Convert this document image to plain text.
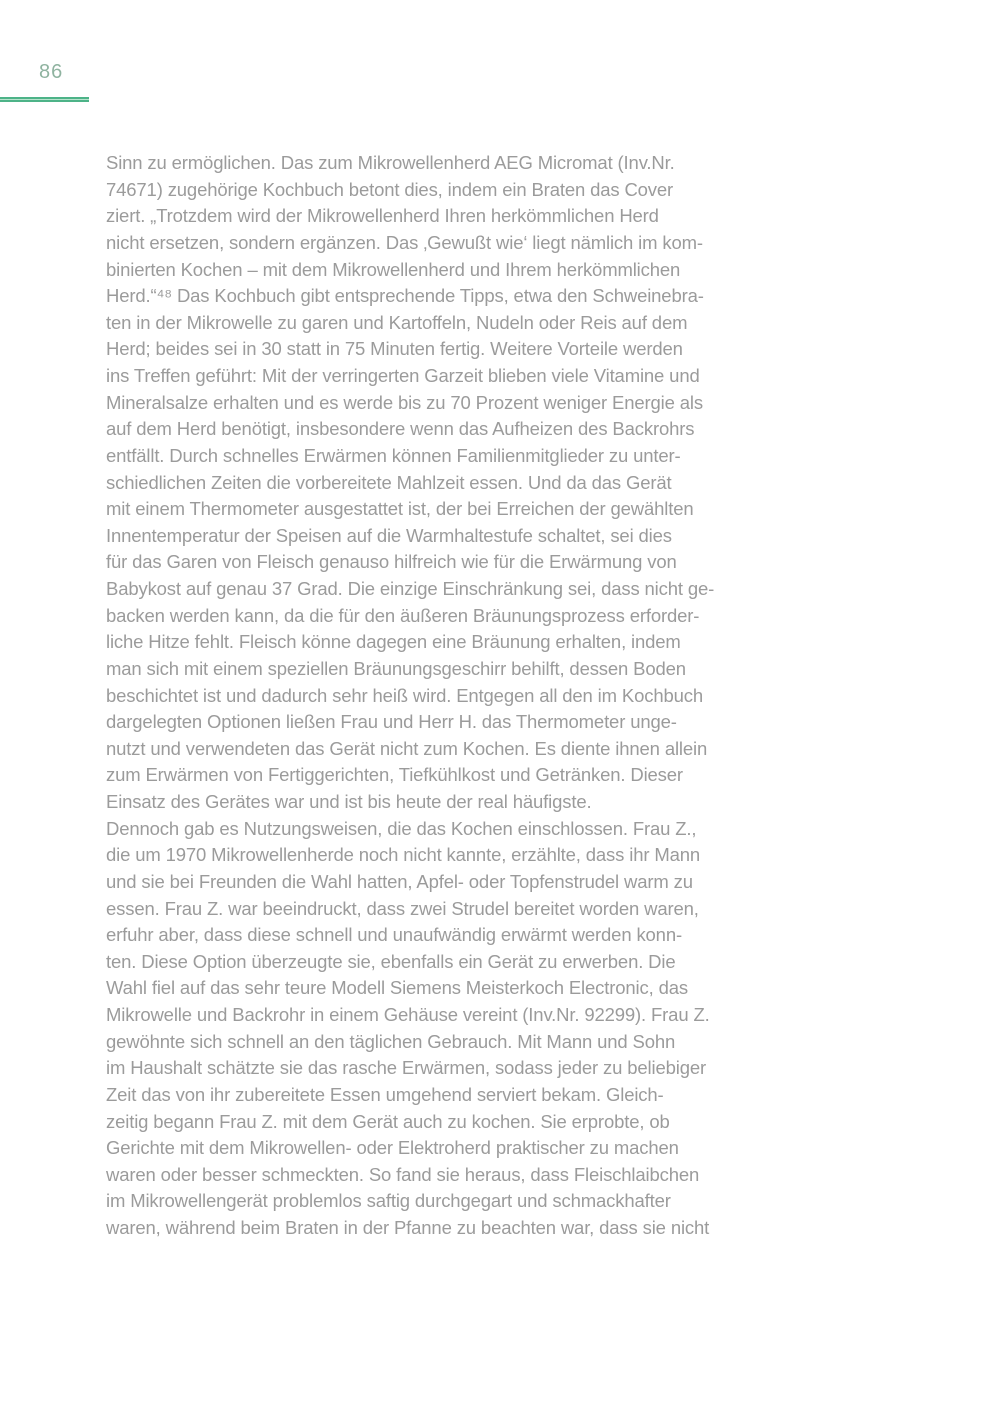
86
Sinn zu ermöglichen. Das zum Mikrowellenherd AEG Micromat (Inv.Nr.
74671) zugehörige Kochbuch betont dies, indem ein Braten das Cover
ziert. „Trotzdem wird der Mikrowellenherd Ihren herkömmlichen Herd
nicht ersetzen, sondern ergänzen. Das ‚Gewußt wie‘ liegt nämlich im kom-
binierten Kochen – mit dem Mikrowellenherd und Ihrem herkömmlichen
Herd.“⁴⁸ Das Kochbuch gibt entsprechende Tipps, etwa den Schweinebra-
ten in der Mikrowelle zu garen und Kartoffeln, Nudeln oder Reis auf dem
Herd; beides sei in 30 statt in 75 Minuten fertig. Weitere Vorteile werden
ins Treffen geführt: Mit der verringerten Garzeit blieben viele Vitamine und
Mineralsalze erhalten und es werde bis zu 70 Prozent weniger Energie als
auf dem Herd benötigt, insbesondere wenn das Aufheizen des Backrohrs
entfällt. Durch schnelles Erwärmen können Familienmitglieder zu unter-
schiedlichen Zeiten die vorbereitete Mahlzeit essen. Und da das Gerät
mit einem Thermometer ausgestattet ist, der bei Erreichen der gewählten
Innentemperatur der Speisen auf die Warmhaltestufe schaltet, sei dies
für das Garen von Fleisch genauso hilfreich wie für die Erwärmung von
Babykost auf genau 37 Grad. Die einzige Einschränkung sei, dass nicht ge-
backen werden kann, da die für den äußeren Bräunungsprozess erforder-
liche Hitze fehlt. Fleisch könne dagegen eine Bräunung erhalten, indem
man sich mit einem speziellen Bräunungsgeschirr behilft, dessen Boden
beschichtet ist und dadurch sehr heiß wird. Entgegen all den im Kochbuch
dargelegten Optionen ließen Frau und Herr H. das Thermometer unge-
nutzt und verwendeten das Gerät nicht zum Kochen. Es diente ihnen allein
zum Erwärmen von Fertiggerichten, Tiefkühlkost und Getränken. Dieser
Einsatz des Gerätes war und ist bis heute der real häufigste.
Dennoch gab es Nutzungsweisen, die das Kochen einschlossen. Frau Z.,
die um 1970 Mikrowellenherde noch nicht kannte, erzählte, dass ihr Mann
und sie bei Freunden die Wahl hatten, Apfel- oder Topfenstrudel warm zu
essen. Frau Z. war beeindruckt, dass zwei Strudel bereitet worden waren,
erfuhr aber, dass diese schnell und unaufwändig erwärmt werden konn-
ten. Diese Option überzeugte sie, ebenfalls ein Gerät zu erwerben. Die
Wahl fiel auf das sehr teure Modell Siemens Meisterkoch Electronic, das
Mikrowelle und Backrohr in einem Gehäuse vereint (Inv.Nr. 92299). Frau Z.
gewöhnte sich schnell an den täglichen Gebrauch. Mit Mann und Sohn
im Haushalt schätzte sie das rasche Erwärmen, sodass jeder zu beliebiger
Zeit das von ihr zubereitete Essen umgehend serviert bekam. Gleich-
zeitig begann Frau Z. mit dem Gerät auch zu kochen. Sie erprobte, ob
Gerichte mit dem Mikrowellen- oder Elektroherd praktischer zu machen
waren oder besser schmeckten. So fand sie heraus, dass Fleischlaibchen
im Mikrowellengerät problemlos saftig durchgegart und schmackhafter
waren, während beim Braten in der Pfanne zu beachten war, dass sie nicht
